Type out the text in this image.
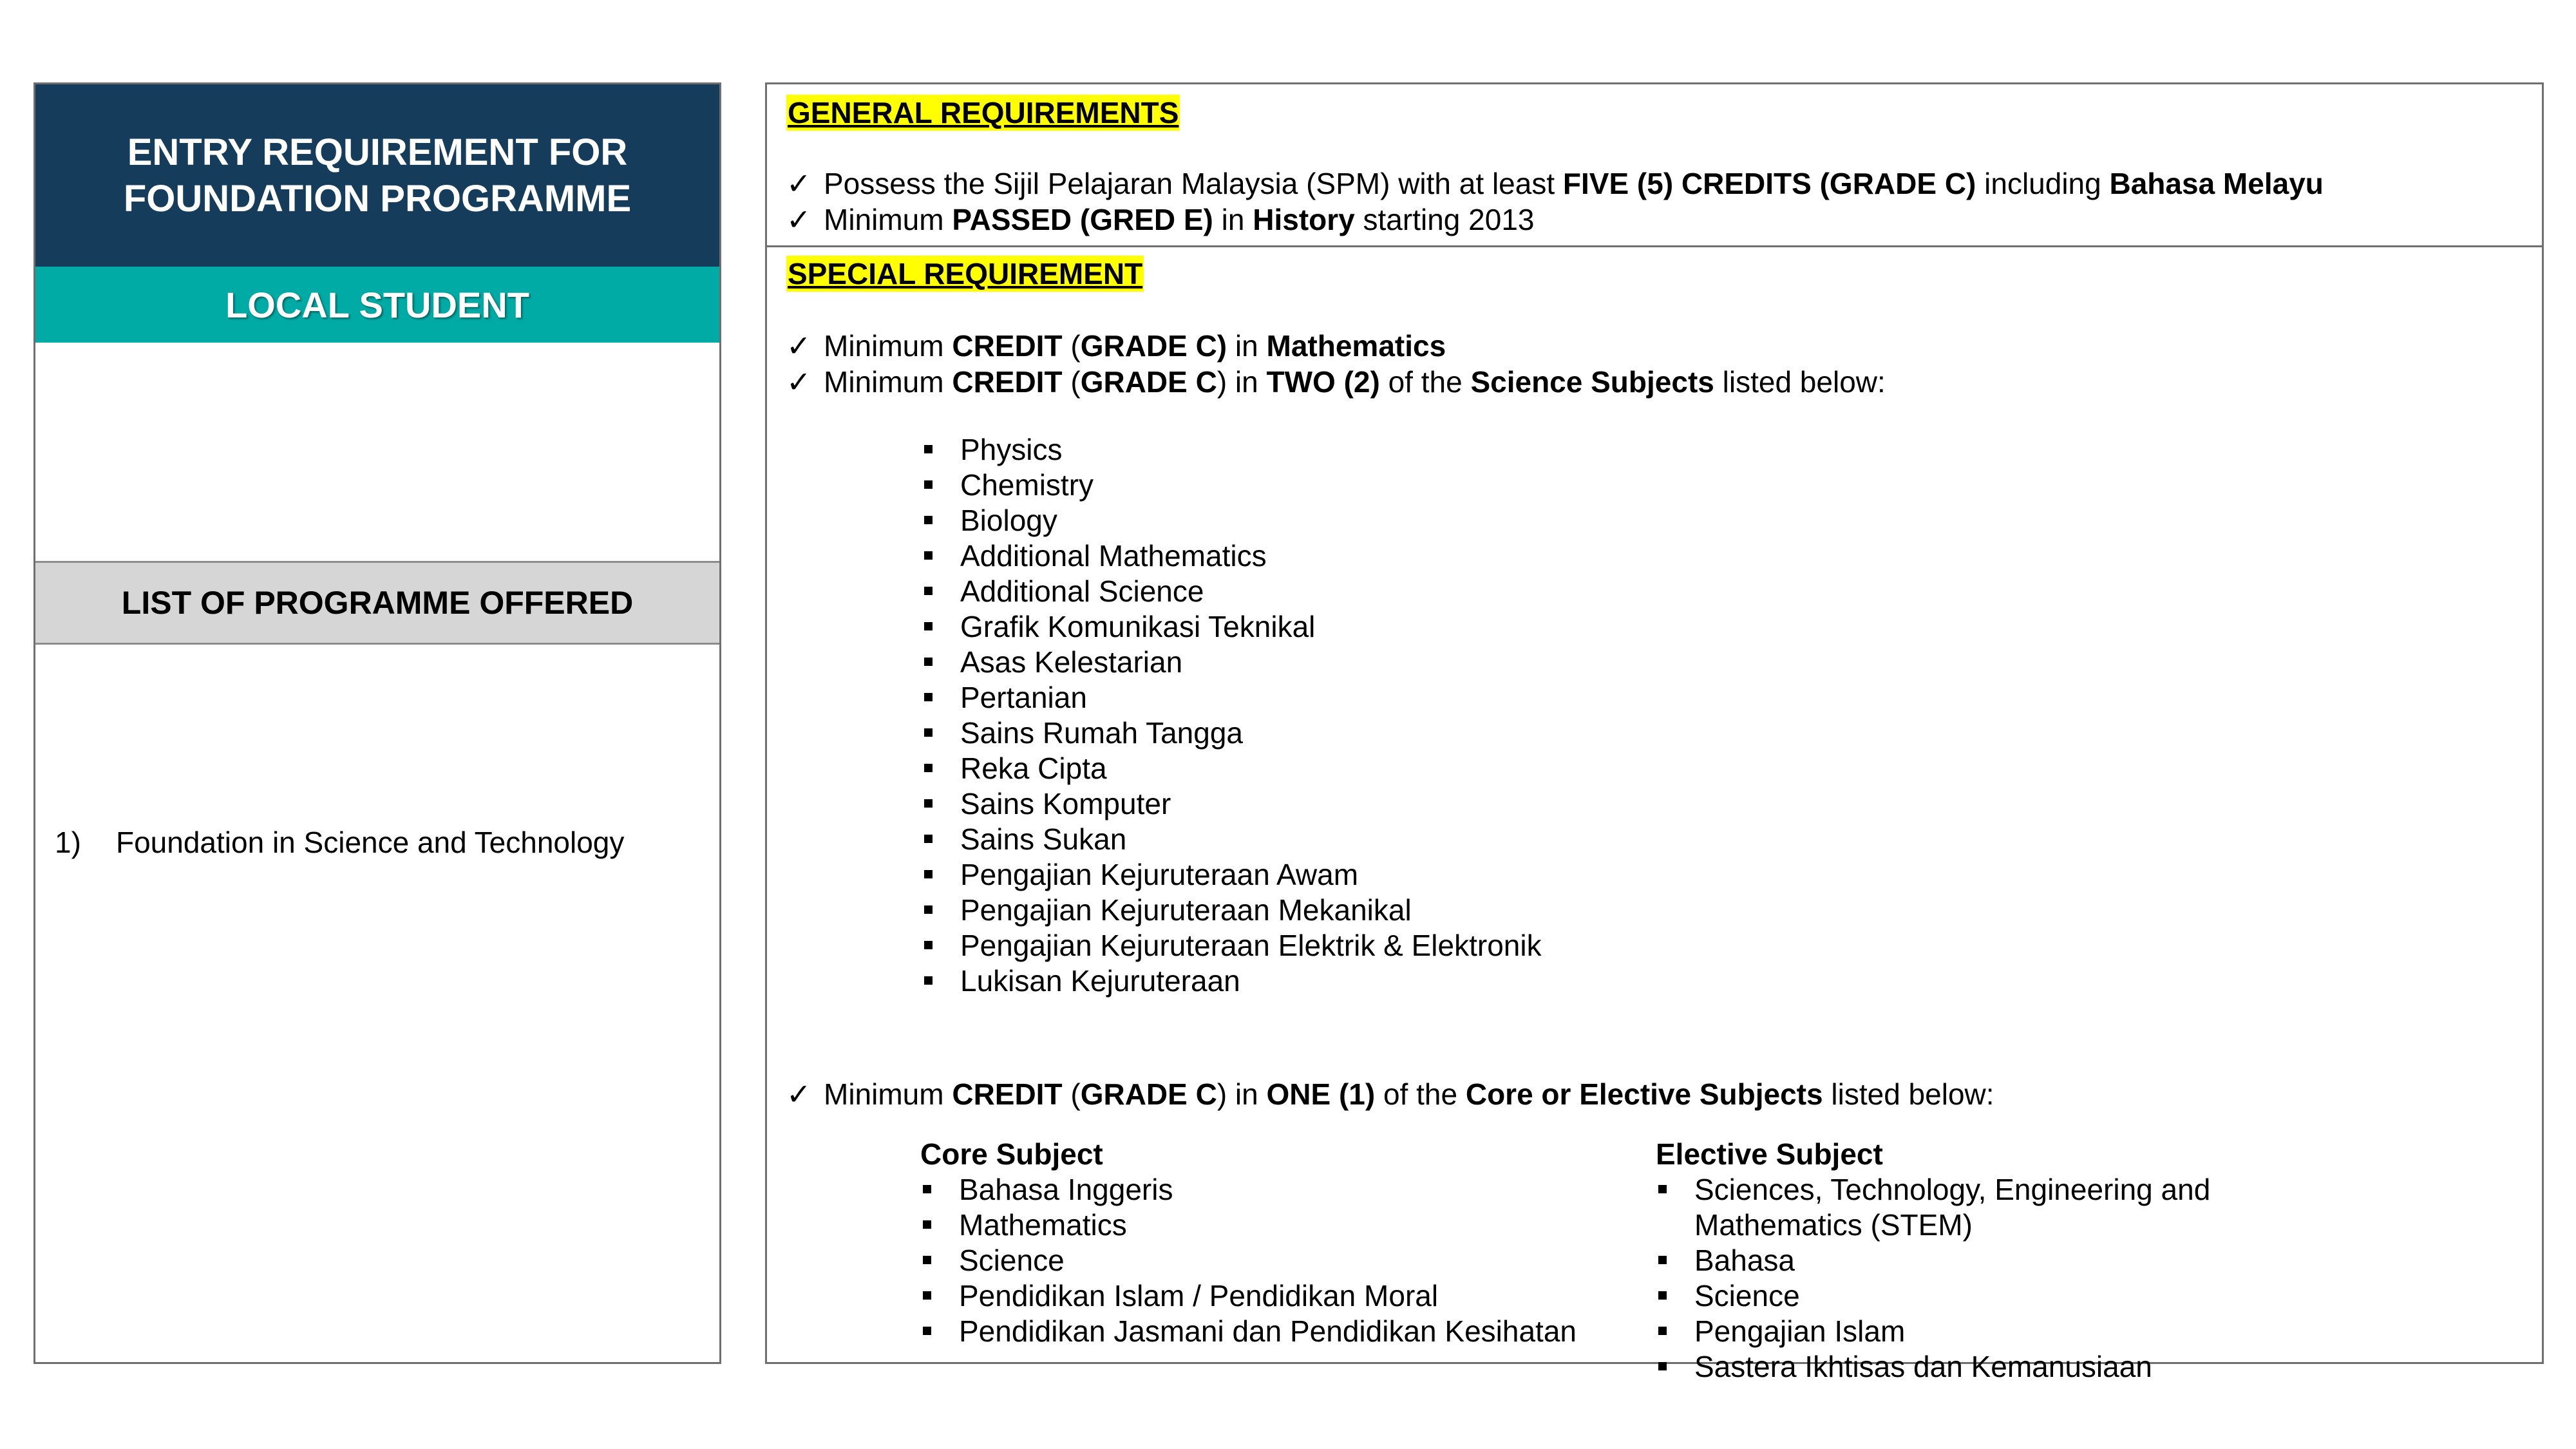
ENTRY REQUIREMENT FOR
FOUNDATION PROGRAMME
LOCAL STUDENT
LIST OF PROGRAMME OFFERED
1) Foundation in Science and Technology
GENERAL REQUIREMENTS
✓ Possess the Sijil Pelajaran Malaysia (SPM) with at least FIVE (5) CREDITS (GRADE C) including Bahasa Melayu
✓ Minimum PASSED (GRED E) in History starting 2013
SPECIAL REQUIREMENT
✓ Minimum CREDIT (GRADE C) in Mathematics
✓ Minimum CREDIT (GRADE C) in TWO (2) of the Science Subjects listed below:
Physics
Chemistry
Biology
Additional Mathematics
Additional Science
Grafik Komunikasi Teknikal
Asas Kelestarian
Pertanian
Sains Rumah Tangga
Reka Cipta
Sains Komputer
Sains Sukan
Pengajian Kejuruteraan Awam
Pengajian Kejuruteraan Mekanikal
Pengajian Kejuruteraan Elektrik & Elektronik
Lukisan Kejuruteraan
✓ Minimum CREDIT (GRADE C) in ONE (1) of the Core or Elective Subjects listed below:
Core Subject
Bahasa Inggeris
Mathematics
Science
Pendidikan Islam / Pendidikan Moral
Pendidikan Jasmani dan Pendidikan Kesihatan
Elective Subject
Sciences, Technology, Engineering and
Mathematics (STEM)
Bahasa
Science
Pengajian Islam
Sastera Ikhtisas dan Kemanusiaan
